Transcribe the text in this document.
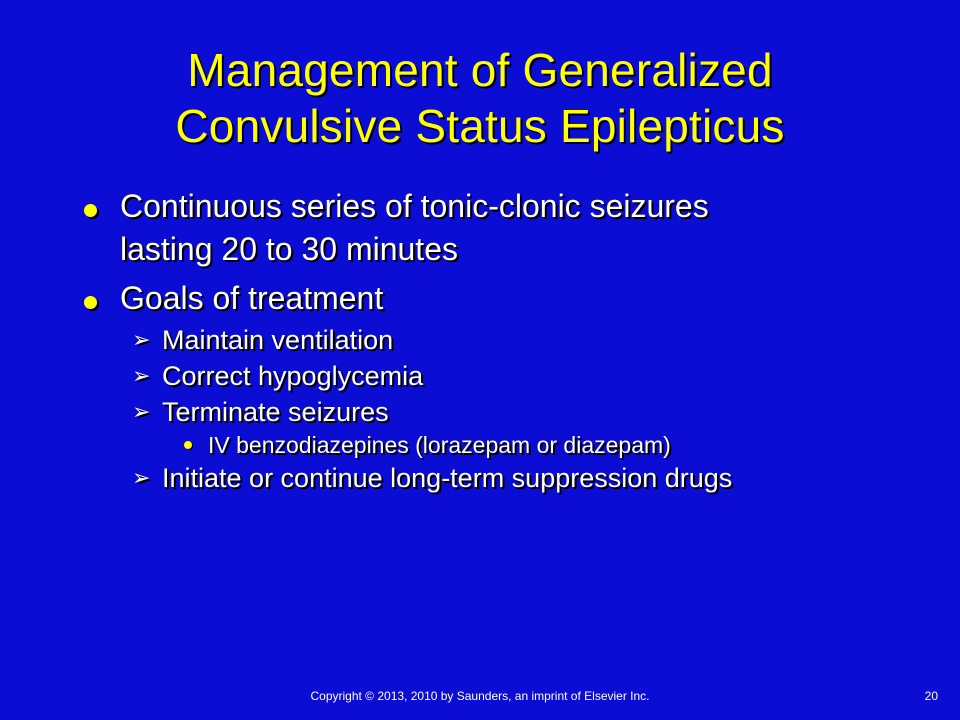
Management of Generalized
Convulsive Status Epilepticus
Continuous series of tonic-clonic seizures
lasting 20 to 30 minutes
Goals of treatment
➢ Maintain ventilation
➢ Correct hypoglycemia
➢ Terminate seizures
IV benzodiazepines (lorazepam or diazepam)
➢ Initiate or continue long-term suppression drugs
Copyright © 2013, 2010 by Saunders, an imprint of Elsevier Inc.	20
